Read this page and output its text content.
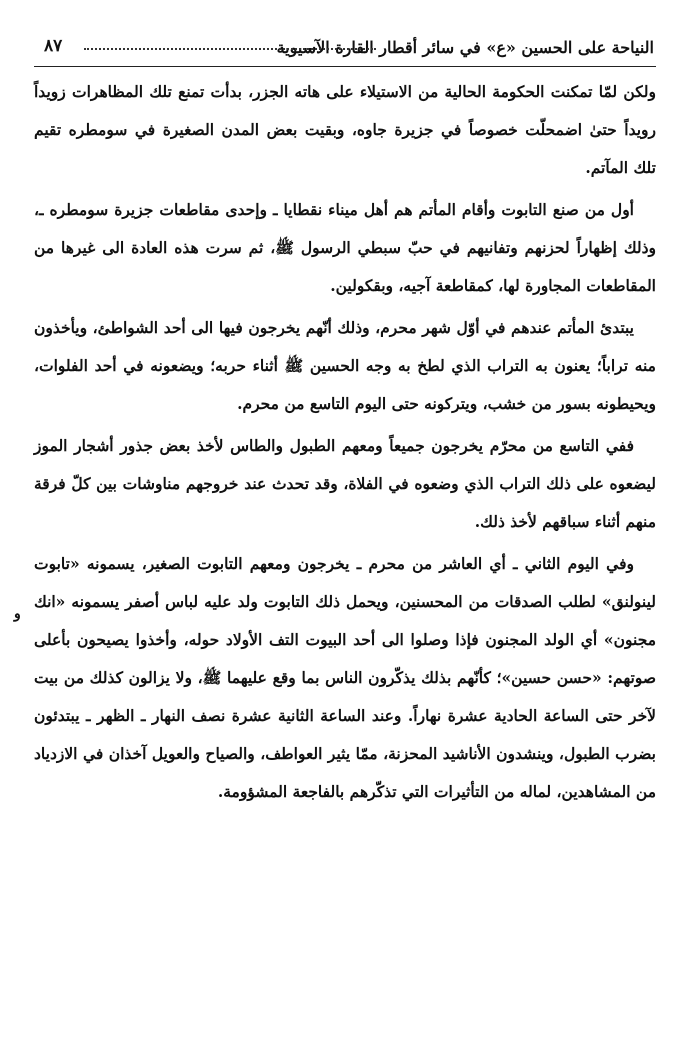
النياحة على الحسين «ع» في سائر أقطار القارة الآسيوية
٨٧

ولكن لمّا تمكنت الحكومة الحالية من الاستيلاء على هاته الجزر، بدأت تمنع تلك المظاهرات زويداً رويداً حتىٰ اضمحلّت خصوصاً في جزيرة جاوه، وبقيت بعض المدن الصغيرة في سومطره تقيم تلك المآتم.

أول من صنع التابوت وأقام المأتم هم أهل ميناء نقطايا ـ وإحدى مقاطعات جزيرة سومطره ـ، وذلك إظهاراً لحزنهم وتفانيهم في حبّ سبطي الرسول ﷺ، ثم سرت هذه العادة الى غيرها من المقاطعات المجاورة لها، كمقاطعة آجيه، وبقكولين.

يبتدئ المأتم عندهم في أوّل شهر محرم، وذلك أنّهم يخرجون فيها الى أحد الشواطئ، ويأخذون منه تراباً؛ يعنون به التراب الذي لطخ به وجه الحسين ﷺ أثناء حربه؛ ويضعونه في أحد الفلوات، ويحيطونه بسور من خشب، ويتركونه حتى اليوم التاسع من محرم.

ففي التاسع من محرّم يخرجون جميعاً ومعهم الطبول والطاس لأخذ بعض جذور أشجار الموز ليضعوه على ذلك التراب الذي وضعوه في الفلاة، وقد تحدث عند خروجهم مناوشات بين كلّ فرقة منهم أثناء سباقهم لأخذ ذلك.

وفي اليوم الثاني ـ أي العاشر من محرم ـ يخرجون ومعهم التابوت الصغير، يسمونه «تابوت لينولنق» لطلب الصدقات من المحسنين، ويحمل ذلك التابوت ولد عليه لباس أصفر يسمونه «انك مجنون» أي الولد المجنون فإذا وصلوا الى أحد البيوت التف الأولاد حوله، وأخذوا يصيحون بأعلى صوتهم: «حسن حسين»؛ كأنّهم بذلك يذكّرون الناس بما وقع عليهما ﷺ، ولا يزالون كذلك من بيت لآخر حتى الساعة الحادية عشرة نهاراً. وعند الساعة الثانية عشرة نصف النهار ـ الظهر ـ يبتدئون بضرب الطبول، وينشدون الأناشيد المحزنة، ممّا يثير العواطف، والصياح والعويل آخذان في الازدياد من المشاهدين، لماله من التأثيرات التي تذكّرهم بالفاجعة المشؤومة.

و
